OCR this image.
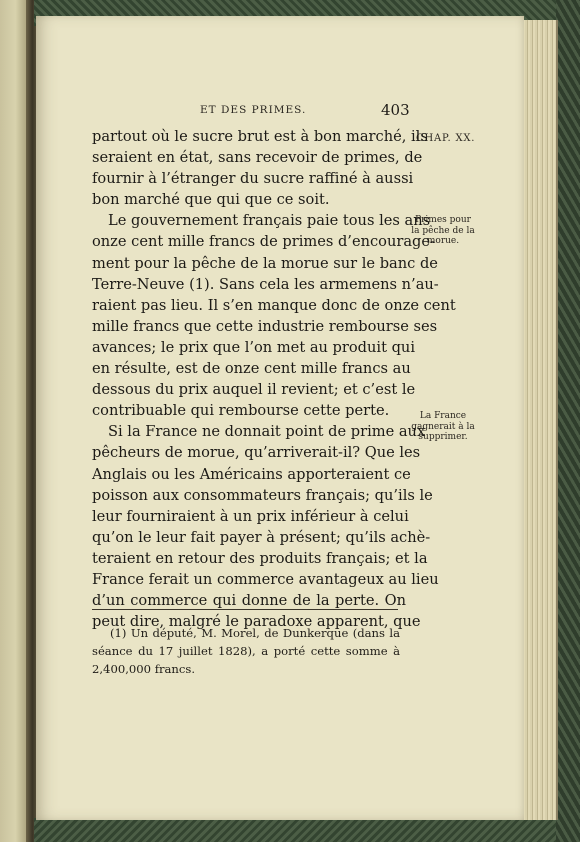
ET DES PRIMES.	403
CHAP. XX.
Primes pour
la pêche de la
morue.
La France
gagnerait à la
supprimer.

partout où le sucre brut est à bon marché, ils
seraient en état, sans recevoir de primes, de
fournir à l’étranger du sucre raffiné à aussi
bon marché que qui que ce soit.

Le gouvernement français paie tous les ans
onze cent mille francs de primes d’encourage-
ment pour la pêche de la morue sur le banc de
Terre-Neuve (1). Sans cela les armemens n’au-
raient pas lieu. Il s’en manque donc de onze cent
mille francs que cette industrie rembourse ses
avances; le prix que l’on met au produit qui
en résulte, est de onze cent mille francs au
dessous du prix auquel il revient; et c’est le
contribuable qui rembourse cette perte.

Si la France ne donnait point de prime aux
pêcheurs de morue, qu’arriverait-il? Que les
Anglais ou les Américains apporteraient ce
poisson aux consommateurs français; qu’ils le
leur fourniraient à un prix inférieur à celui
qu’on le leur fait payer à présent; qu’ils achè-
teraient en retour des produits français; et la
France ferait un commerce avantageux au lieu
d’un commerce qui donne de la perte. On
peut dire, malgré le paradoxe apparent, que

(1) Un député, M. Morel, de Dunkerque (dans la
séance du 17 juillet 1828), a porté cette somme à
2,400,000 francs.
